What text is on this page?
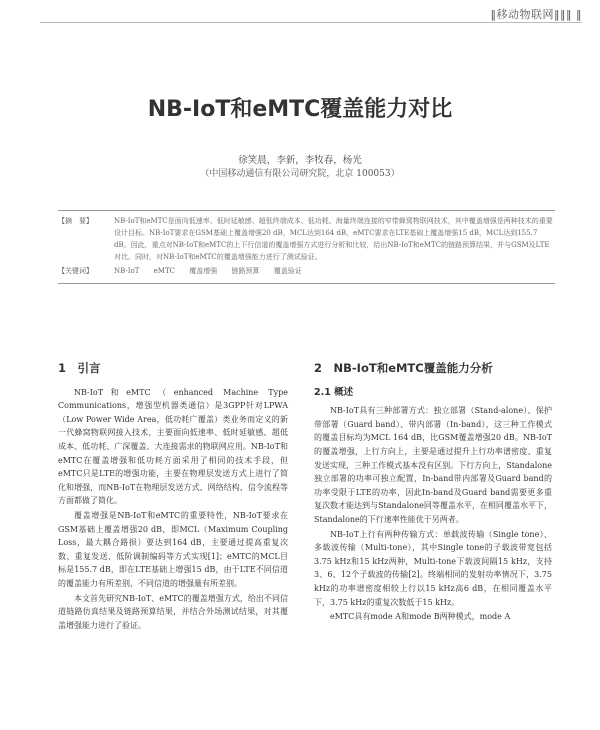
‖移动物联网‖‖‖ ‖
NB-IoT和eMTC覆盖能力对比
徐笑晨，李新，李牧春，杨光
（中国移动通信有限公司研究院，北京 100053）
【摘　要】	NB-IoT和eMTC是面向低速率、低时延敏感、超低终端成本、低功耗、海量终端连接的窄带蜂窝物联网技术，其中覆盖增强是两种技术的重要设计目标。NB-IoT要求在GSM基础上覆盖增强20 dB，MCL达到164 dB，eMTC要求在LTE基础上覆盖增强15 dB，MCL达到155.7 dB。因此，重点对NB-IoT和eMTC的上下行信道的覆盖增强方式进行分析和比较，给出NB-IoT和eMTC的链路预算结果，并与GSM及LTE对比。同时，对NB-IoT和eMTC的覆盖增强能力进行了测试验证。
【关键词】	NB-IoT eMTC 覆盖增强 链路预算 覆盖验证
1　引言

NB-IoT和eMTC（enhanced Machine Type Communications，增强型机器类通信）是3GPP针对LPWA（Low Power Wide Area，低功耗广覆盖）类业务而定义的新一代蜂窝物联网接入技术，主要面向低速率、低时延敏感、超低成本、低功耗、广深覆盖、大连接需求的物联网应用。NB-IoT和eMTC在覆盖增强和低功耗方面采用了相同的技术手段，但eMTC只是LTE的增强功能，主要在物理层发送方式上进行了简化和增强，而NB-IoT在物理层发送方式、网络结构、信令流程等方面都做了简化。

覆盖增强是NB-IoT和eMTC的重要特性，NB-IoT要求在GSM基础上覆盖增强20 dB，即MCL（Maximum Coupling Loss，最大耦合路损）要达到164 dB，主要通过提高重复次数、重复发送、低阶调制编码等方式实现[1]；eMTC的MCL目标是155.7 dB，即在LTE基础上增强15 dB，由于LTE不同信道的覆盖能力有所差别，不同信道的增强量有所差别。

本文首先研究NB-IoT、eMTC的覆盖增强方式，给出不同信道链路仿真结果及链路预算结果，并结合外场测试结果，对其覆盖增强能力进行了验证。

2　NB-IoT和eMTC覆盖能力分析
2.1 概述

NB-IoT具有三种部署方式：独立部署（Stand-alone）、保护带部署（Guard band）、带内部署（In-band），这三种工作模式的覆盖目标均为MCL 164 dB，比GSM覆盖增强20 dB。NB-IoT的覆盖增强，上行方向上，主要是通过提升上行功率谱密度、重复发送实现，三种工作模式基本没有区别。下行方向上，Standalone独立部署的功率可独立配置，In-band带内部署及Guard band的功率受限于LTE的功率，因此In-band及Guard band需要更多重复次数才能达到与Standalone同等覆盖水平，在相同覆盖水平下，Standalone的下行速率性能优于另两者。

NB-IoT上行有两种传输方式：单载波传输（Single tone）、多载波传输（Multi-tone），其中Single tone的子载波带宽包括3.75 kHz和15 kHz两种，Multi-tone下载波间隔15 kHz，支持3、6、12个子载波的传输[2]。终端相同的发射功率情况下，3.75 kHz的功率谱密度相较上行以15 kHz高6 dB，在相同覆盖水平下，3.75 kHz的重复次数低于15 kHz。

eMTC具有mode A和mode B两种模式，mode A
